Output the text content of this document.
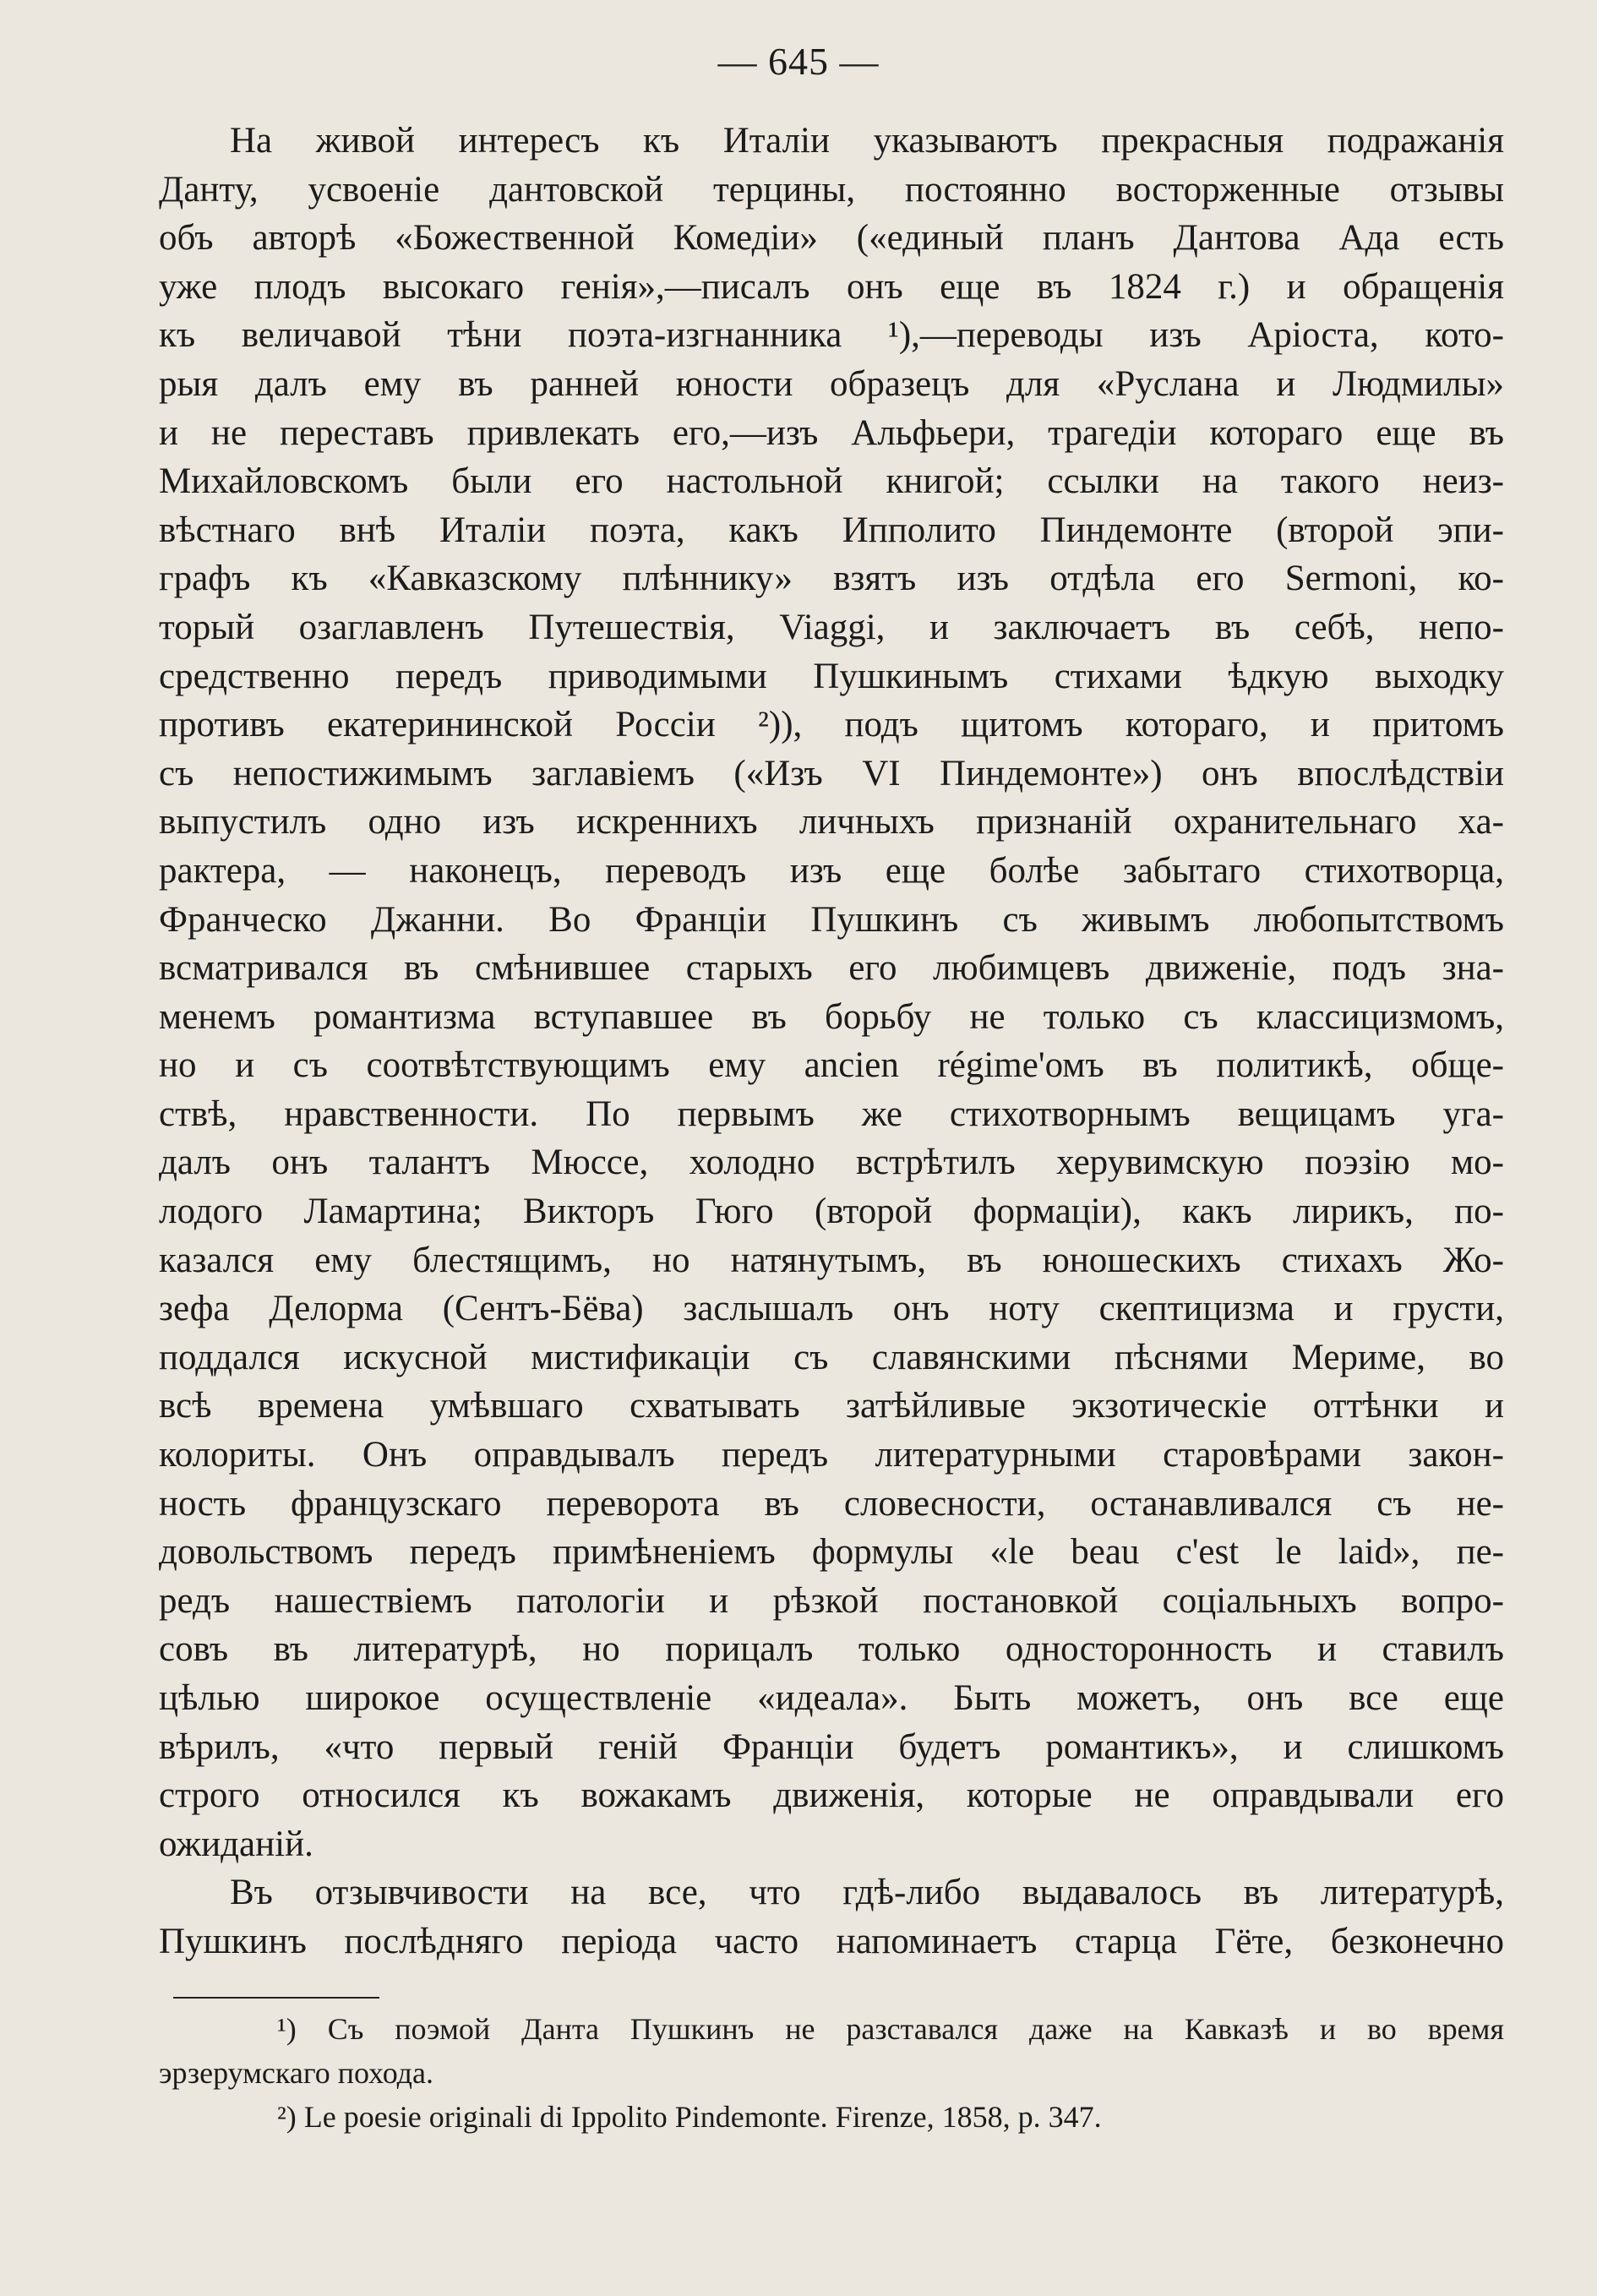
— 645 —
На живой интересъ къ Италіи указываютъ прекрасныя подражанія
Данту, усвоеніе дантовской терцины, постоянно восторженные отзывы
объ авторѣ «Божественной Комедіи» («единый планъ Дантова Ада есть
уже плодъ высокаго генія»,—писалъ онъ еще въ 1824 г.) и обращенія
къ величавой тѣни поэта-изгнанника ¹),—переводы изъ Аріоста, кото-
рыя далъ ему въ ранней юности образецъ для «Руслана и Людмилы»
и не переставъ привлекать его,—изъ Альфьери, трагедіи котораго еще въ
Михайловскомъ были его настольной книгой; ссылки на такого неиз-
вѣстнаго внѣ Италіи поэта, какъ Ипполито Пиндемонте (второй эпи-
графъ къ «Кавказскому плѣннику» взятъ изъ отдѣла его Sermoni, ко-
торый озаглавленъ Путешествія, Viaggi, и заключаетъ въ себѣ, непо-
средственно передъ приводимыми Пушкинымъ стихами ѣдкую выходку
противъ екатерининской Россіи ²)), подъ щитомъ котораго, и притомъ
съ непостижимымъ заглавіемъ («Изъ VI Пиндемонте») онъ впослѣдствіи
выпустилъ одно изъ искреннихъ личныхъ признаній охранительнаго ха-
рактера, — наконецъ, переводъ изъ еще болѣе забытаго стихотворца,
Франческо Джанни. Во Франціи Пушкинъ съ живымъ любопытствомъ
всматривался въ смѣнившее старыхъ его любимцевъ движеніе, подъ зна-
менемъ романтизма вступавшее въ борьбу не только съ классицизмомъ,
но и съ соотвѣтствующимъ ему ancien régime'омъ въ политикѣ, обще-
ствѣ, нравственности. По первымъ же стихотворнымъ вещицамъ уга-
далъ онъ талантъ Мюссе, холодно встрѣтилъ херувимскую поэзію мо-
лодого Ламартина; Викторъ Гюго (второй формаціи), какъ лирикъ, по-
казался ему блестящимъ, но натянутымъ, въ юношескихъ стихахъ Жо-
зефа Делорма (Сентъ-Бёва) заслышалъ онъ ноту скептицизма и грусти,
поддался искусной мистификаціи съ славянскими пѣснями Мериме, во
всѣ времена умѣвшаго схватывать затѣйливые экзотическіе оттѣнки и
колориты. Онъ оправдывалъ передъ литературными старовѣрами закон-
ность французскаго переворота въ словесности, останавливался съ не-
довольствомъ передъ примѣненіемъ формулы «le beau c'est le laid», пе-
редъ нашествіемъ патологіи и рѣзкой постановкой соціальныхъ вопро-
совъ въ литературѣ, но порицалъ только односторонность и ставилъ
цѣлью широкое осуществленіе «идеала». Быть можетъ, онъ все еще
вѣрилъ, «что первый геній Франціи будетъ романтикъ», и слишкомъ
строго относился къ вожакамъ движенія, которые не оправдывали его
ожиданій.
Въ отзывчивости на все, что гдѣ-либо выдавалось въ литературѣ,
Пушкинъ послѣдняго періода часто напоминаетъ старца Гёте, безконечно
¹) Съ поэмой Данта Пушкинъ не разставался даже на Кавказѣ и во время
эрзерумскаго похода.
²) Le poesie originali di Ippolito Pindemonte. Firenze, 1858, p. 347.
